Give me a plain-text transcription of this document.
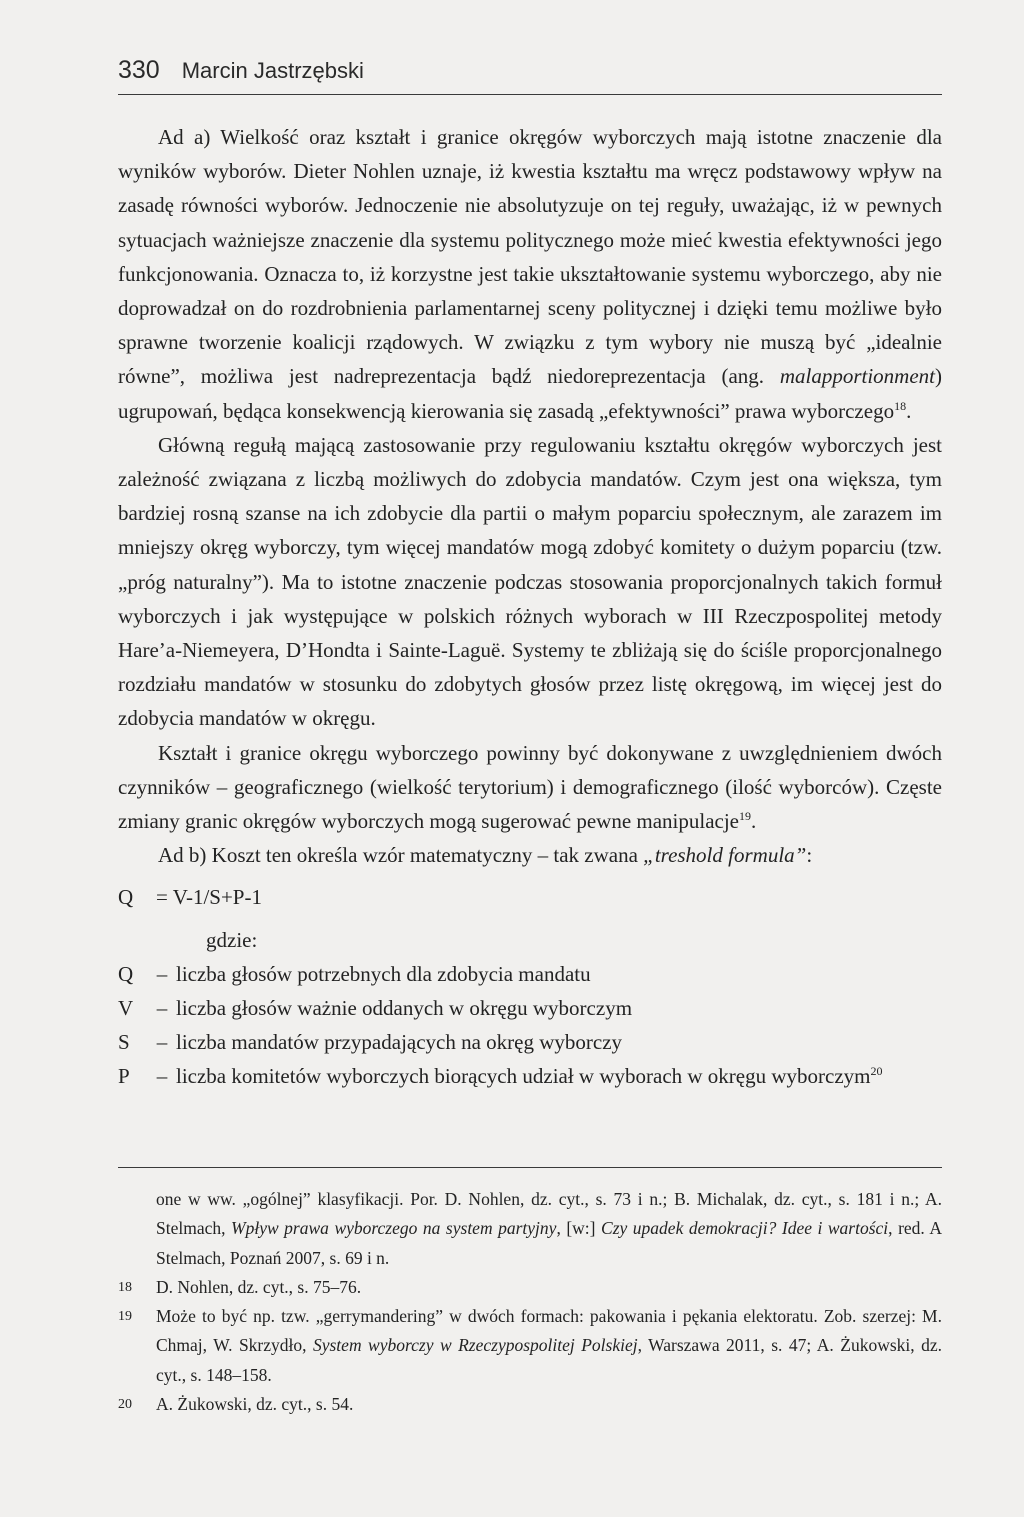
330 Marcin Jastrzębski

Ad a) Wielkość oraz kształt i granice okręgów wyborczych mają istotne znaczenie dla wyników wyborów. Dieter Nohlen uznaje, iż kwestia kształtu ma wręcz podstawowy wpływ na zasadę równości wyborów. Jednoczenie nie absolutyzuje on tej reguły, uważając, iż w pewnych sytuacjach ważniejsze znaczenie dla systemu politycznego może mieć kwestia efektywności jego funkcjonowania. Oznacza to, iż korzystne jest takie ukształtowanie systemu wyborczego, aby nie doprowadzał on do rozdrobnienia parlamentarnej sceny politycznej i dzięki temu możliwe było sprawne tworzenie koalicji rządowych. W związku z tym wybory nie muszą być „idealnie równe”, możliwa jest nadreprezentacja bądź niedoreprezentacja (ang. malapportionment) ugrupowań, będąca konsekwencją kierowania się zasadą „efektywności” prawa wyborczego$^{18}$.

Główną regułą mającą zastosowanie przy regulowaniu kształtu okręgów wyborczych jest zależność związana z liczbą możliwych do zdobycia mandatów. Czym jest ona większa, tym bardziej rosną szanse na ich zdobycie dla partii o małym poparciu społecznym, ale zarazem im mniejszy okręg wyborczy, tym więcej mandatów mogą zdobyć komitety o dużym poparciu (tzw. „próg naturalny”). Ma to istotne znaczenie podczas stosowania proporcjonalnych takich formuł wyborczych i jak występujące w polskich różnych wyborach w III Rzeczpospolitej metody Hare’a-Niemeyera, D’Hondta i Sainte-Laguë. Systemy te zbliżają się do ściśle proporcjonalnego rozdziału mandatów w stosunku do zdobytych głosów przez listę okręgową, im więcej jest do zdobycia mandatów w okręgu.

Kształt i granice okręgu wyborczego powinny być dokonywane z uwzględnieniem dwóch czynników – geograficznego (wielkość terytorium) i demograficznego (ilość wyborców). Częste zmiany granic okręgów wyborczych mogą sugerować pewne manipulacje$^{19}$.

Ad b) Koszt ten określa wzór matematyczny – tak zwana „treshold formula”:

Q = V-1/S+P-1
gdzie:
Q	– liczba głosów potrzebnych dla zdobycia mandatu
V	– liczba głosów ważnie oddanych w okręgu wyborczym
S	– liczba mandatów przypadających na okręg wyborczy
P	– liczba komitetów wyborczych biorących udział w wyborach w okręgu wyborczym$^{20}$
one w ww. „ogólnej” klasyfikacji. Por. D. Nohlen, dz. cyt., s. 73 i n.; B. Michalak, dz. cyt., s. 181 i n.; A. Stelmach, Wpływ prawa wyborczego na system partyjny, [w:] Czy upadek demokracji? Idee i wartości, red. A Stelmach, Poznań 2007, s. 69 i n.
18	D. Nohlen, dz. cyt., s. 75–76.
19	Może to być np. tzw. „gerrymandering” w dwóch formach: pakowania i pękania elektoratu. Zob. szerzej: M. Chmaj, W. Skrzydło, System wyborczy w Rzeczypospolitej Polskiej, Warszawa 2011, s. 47; A. Żukowski, dz. cyt., s. 148–158.
20	A. Żukowski, dz. cyt., s. 54.
